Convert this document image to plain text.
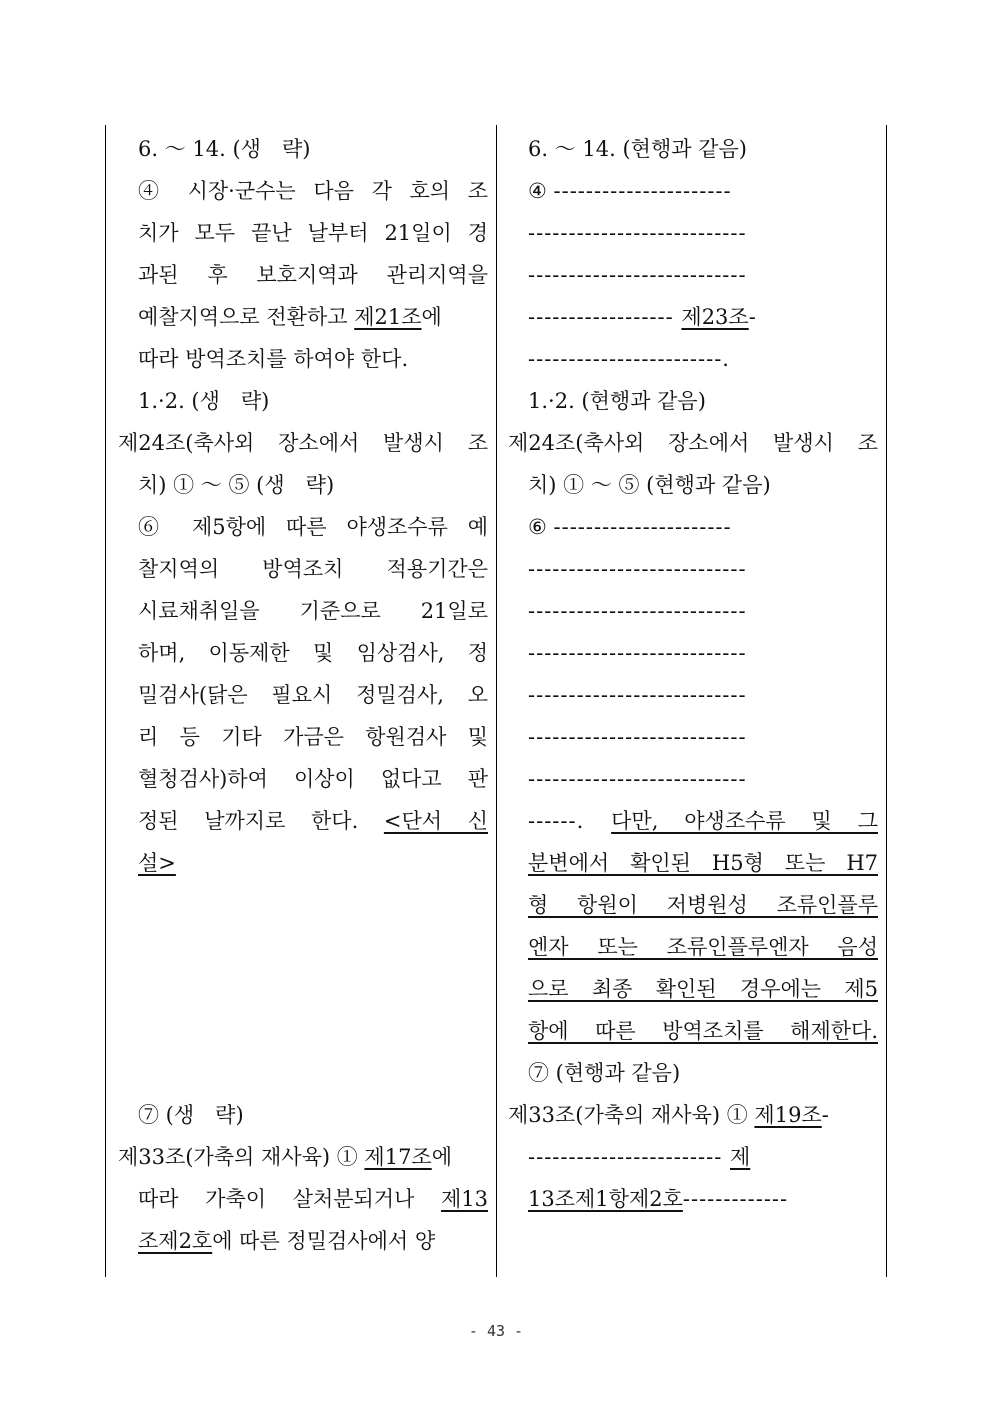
6. ～ 14. (생　략)
④ 시장·군수는 다음 각 호의 조
치가 모두 끝난 날부터 21일이 경
과된 후 보호지역과 관리지역을
예찰지역으로 전환하고 제21조에
따라 방역조치를 하여야 한다.
1.·2. (생　략)
제24조(축사외 장소에서 발생시 조
치) ① ～ ⑤ (생　략)
⑥ 제5항에 따른 야생조수류 예
찰지역의 방역조치 적용기간은
시료채취일을 기준으로 21일로
하며, 이동제한 및 임상검사, 정
밀검사(닭은 필요시 정밀검사, 오
리 등 기타 가금은 항원검사 및
혈청검사)하여 이상이 없다고 판
정된 날까지로 한다. <단서 신
설>
⑦ (생　략)
제33조(가축의 재사육) ① 제17조에
따라 가축이 살처분되거나 제13
조제2호에 따른 정밀검사에서 양
6. ～ 14. (현행과 같음)
④ ----------------------
---------------------------
---------------------------
------------------ 제23조-
------------------------.
1.·2. (현행과 같음)
제24조(축사외 장소에서 발생시 조
치) ① ～ ⑤ (현행과 같음)
⑥ ----------------------
---------------------------
---------------------------
---------------------------
---------------------------
---------------------------
---------------------------
------. 다만, 야생조수류 및 그
분변에서 확인된 H5형 또는 H7
형 항원이 저병원성 조류인플루
엔자 또는 조류인플루엔자 음성
으로 최종 확인된 경우에는 제5
항에 따른 방역조치를 해제한다.
⑦ (현행과 같음)
제33조(가축의 재사육) ① 제19조-
------------------------ 제
13조제1항제2호-------------
- 43 -
